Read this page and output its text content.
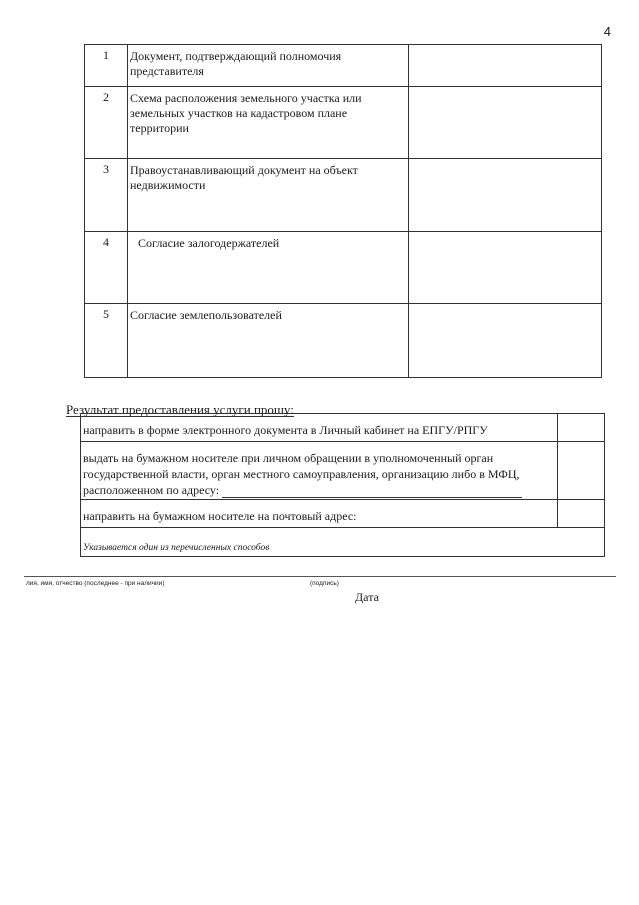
4
1	Документ, подтверждающий полномочия представителя	
2	Схема расположения земельного участка или земельных участков на кадастровом плане территории	
3	Правоустанавливающий документ на объект недвижимости	
4	Согласие залогодержателей	
5	Согласие землепользователей	
Результат предоставления услуги прошу:
направить в форме электронного документа в Личный кабинет на ЕПГУ/РПГУ	
выдать на бумажном носителе при личном обращении в уполномоченный орган государственной власти, орган местного самоуправления, организацию либо в МФЦ, расположенном по адресу:	
направить на бумажном носителе на почтовый адрес:	
Указывается один из перечисленных способов	
лия, имя, отчество (последнее - при наличии)	(подпись)
Дата
